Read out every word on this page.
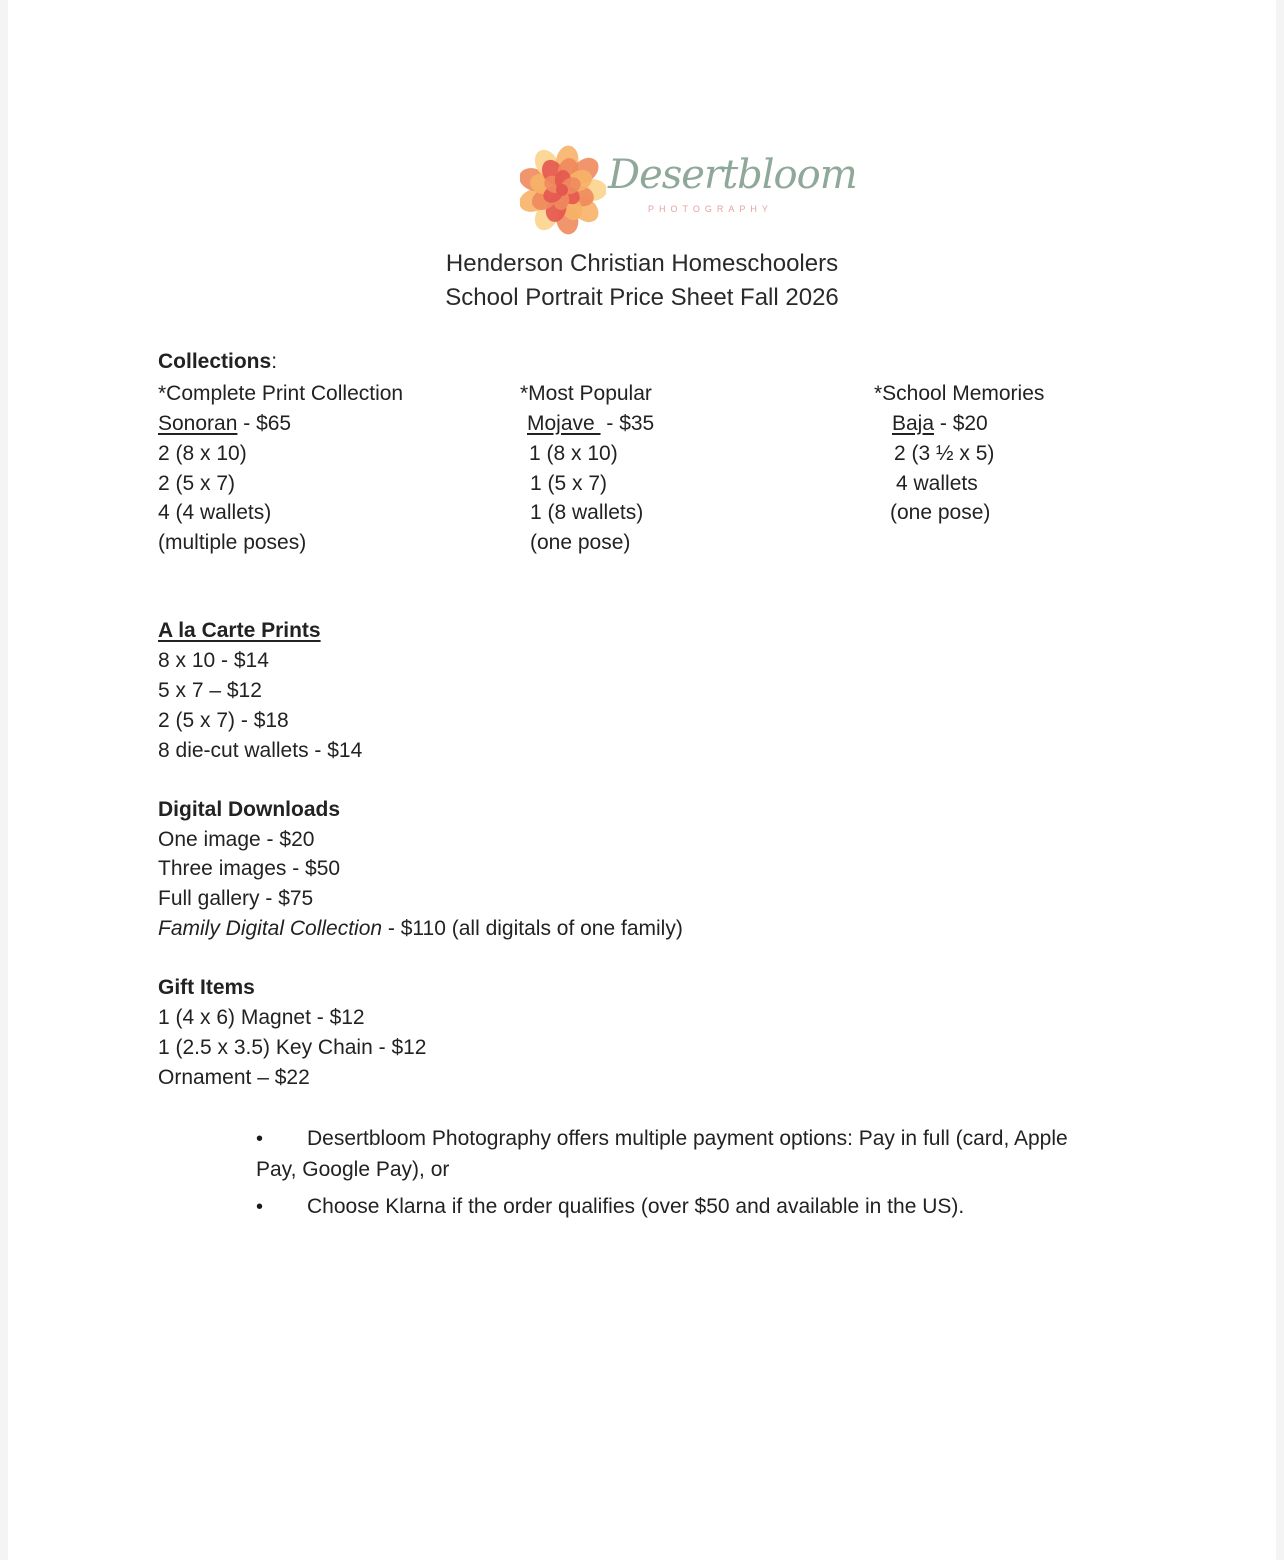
Desertbloom
PHOTOGRAPHY
Henderson Christian Homeschoolers
School Portrait Price Sheet Fall 2026
Collections:
*Complete Print Collection
Sonoran - $65
2 (8 x 10)
2 (5 x 7)
4 (4 wallets)
(multiple poses)
*Most Popular
Mojave  - $35
1 (8 x 10)
1 (5 x 7)
1 (8 wallets)
(one pose)
*School Memories
Baja - $20
2 (3 ½ x 5)
4 wallets
(one pose)
A la Carte Prints
8 x 10 - $14
5 x 7 – $12
2 (5 x 7) - $18
8 die-cut wallets - $14
Digital Downloads
One image - $20
Three images - $50
Full gallery - $75
Family Digital Collection - $110 (all digitals of one family)
Gift Items
1 (4 x 6) Magnet - $12
1 (2.5 x 3.5) Key Chain - $12
Ornament – $22
• Desertbloom Photography offers multiple payment options: Pay in full (card, Apple
Pay, Google Pay), or
• Choose Klarna if the order qualifies (over $50 and available in the US).
